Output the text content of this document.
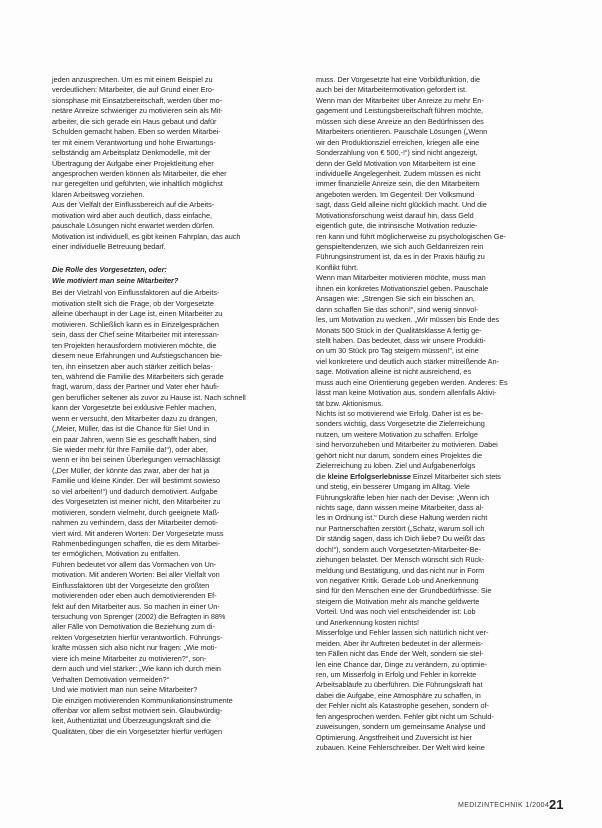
jeden anzusprechen. Um es mit einem Beispiel zu
verdeutlichen: Mitarbeiter, die auf Grund einer Ero-
sionsphase mit Einsatzbereitschaft, werden über mo-
netäre Anreize schwieriger zu motivieren sein als Mit-
arbeiter, die sich gerade ein Haus gebaut und dafür
Schulden gemacht haben. Eben so werden Mitarbei-
ter mit einem Verantwortung und hohe Erwartungs-
selbständig am Arbeitsplatz Denkmodelle, mit der
Übertragung der Aufgabe einer Projektleitung eher
angesprochen werden können als Mitarbeiter, die eher
nur geregelten und geführten, wie inhaltlich möglichst
klaren Arbeitsweg vorziehen.

Aus der Vielfalt der Einflussbereich auf die Arbeits-
motivation wird aber auch deutlich, dass einfache,
pauschale Lösungen nicht erwartet werden dürfen.
Motivation ist individuell, es gibt keinen Fahrplan, das auch
einer individuelle Betreuung bedarf.

Die Rolle des Vorgesetzten, oder:
Wie motiviert man seine Mitarbeiter?

Bei der Vielzahl von Einflussfaktoren auf die Arbeits-
motivation stellt sich die Frage, ob der Vorgesetzte
alleine überhaupt in der Lage ist, einen Mitarbeiter zu
motivieren. Schließlich kann es in Einzelgesprächen
sein, dass der Chef seine Mitarbeiter mit interessan-
ten Projekten herausfordern motivieren möchte, die
diesem neue Erfahrungen und Aufstiegschancen bie-
ten, ihn einsetzen aber auch stärker zeitlich belas-
ten, während die Familie des Mitarbeiters sich gerade
fragt, warum, dass der Partner und Vater eher häufi-
gen beruflicher seltener als zuvor zu Hause ist. Nach schnell
kann der Vorgesetzte bei exklusive Fehler machen,
wenn er versucht, den Mitarbeiter dazu zu drängen,
(„Meier, Müller, das ist die Chance für Sie! Und in
ein paar Jahren, wenn Sie es geschafft haben, sind
Sie wieder mehr für Ihre Familie da!“), oder aber,
wenn er ihn bei seinen Überlegungen vernachlässigt
(„Der Müller, der könnte das zwar, aber der hat ja
Familie und kleine Kinder. Der will bestimmt sowieso
so viel arbeiten!“) und dadurch demotiviert. Aufgabe
des Vorgesetzten ist meiner nicht, den Mitarbeiter zu
motivieren, sondern vielmehr, durch geeignete Maß-
nahmen zu verhindern, dass der Mitarbeiter demoti-
viert wird. Mit anderen Worten: Der Vorgesetzte muss
Rahmenbedingungen schaffen, die es dem Mitarbei-
ter ermöglichen, Motivation zu entfalten.

Führen bedeutet vor allem das Vormachen von Un-
motivation. Mit anderen Worten: Bei aller Vielfalt von
Einflussfaktoren übt der Vorgesetzte den größten
motivierenden oder eben auch demotivierenden Ef-
fekt auf den Mitarbeiter aus. So machen in einer Un-
tersuchung von Sprenger (2002) die Befragten in 88%
aller Fälle von Demotivation die Beziehung zum di-
rekten Vorgesetzten hierfür verantwortlich. Führungs-
kräfte müssen sich also nicht nur fragen: „Wie moti-
viere ich meine Mitarbeiter zu motivieren?“, son-
dern auch und viel stärker: „Wie kann ich durch mein
Verhalten Demotivation vermeiden?“

Und wie motiviert man nun seine Mitarbeiter?
Die einzigen motivierenden Kommunikationsinstrumente
offenbar vor allem selbst motiviert sein. Glaubwürdig-
keit, Authentizität und Überzeugungskraft sind die
Qualitäten, über die ein Vorgesetzter hierfür verfügen

muss. Der Vorgesetzte hat eine Vorbildfunktion, die
auch bei der Mitarbeitermotivation gefordert ist.
Wenn man der Mitarbeiter über Anreize zu mehr En-
gagement und Leistungsbereitschaft führen möchte,
müssen sich diese Anreize an den Bedürfnissen des
Mitarbeiters orientieren. Pauschale Lösungen („Wenn
wir den Produktionsziel erreichen, kriegen alle eine
Sonderzahlung von € 500,-!“) sind nicht angezeigt,
denn der Geld Motivation von Mitarbeitern ist eine
individuelle Angelegenheit. Zudem müssen es nicht
immer finanzielle Anreize sein, die den Mitarbeitern
angeboten werden. Im Gegenteil: Der Volksmund
sagt, dass Geld alleine nicht glücklich macht. Und die
Motivationsforschung weist darauf hin, dass Geld
eigentlich gute, die intrinsische Motivation reduzie-
ren kann und führt möglicherweise zu psychologischen Ge-
genspieltendenzen, wie sich auch Geldanreizen rein
Führungsinstrument ist, da es in der Praxis häufig zu
Konflikt führt.

Wenn man Mitarbeiter motivieren möchte, muss man
ihnen ein konkretes Motivationsziel geben. Pauschale
Ansagen wie: „Strengen Sie sich ein bisschen an,
dann schaffen Sie das schon!“, sind wenig sinnvol-
les, um Motivation zu wecken. „Wir müssen bis Ende des
Monats 500 Stück in der Qualitätsklasse A fertig ge-
stellt haben. Das bedeutet, dass wir unsere Produkti-
on um 30 Stück pro Tag steigern müssen!“, ist eine
viel konkretere und deutlich auch stärker mitreißende An-
sage. Motivation alleine ist nicht ausreichend, es
muss auch eine Orientierung gegeben werden. Anderes: Es
lässt man keine Motivation aus, sondern allenfalls Aktivi-
tät bzw. Aktionismus.

Nichts ist so motivierend wie Erfolg. Daher ist es be-
sonders wichtig, dass Vorgesetzte die Zielerreichung
nutzen, um weitere Motivation zu schaffen. Erfolge
sind hervorzuheben und Mitarbeiter zu motivieren. Dabei
gehört nicht nur darum, sondern eines Projektes die
Zielerreichung zu loben. Ziel und Aufgabenerfolgs
die kleine Erfolgserlebnisse Einzel Mitarbeiter sich stets
und stetig, ein besserer Umgang im Alltag. Viele
Führungskräfte leben hier nach der Devise: „Wenn ich
nichts sage, dann wissen meine Mitarbeiter, dass al-
les in Ordnung ist.“ Durch diese Haltung werden nicht
nur Partnerschaften zerstört („Schatz, warum soll ich
Dir ständig sagen, dass ich Dich liebe? Du weißt das
doch!“), sondern auch Vorgesetzten-Mitarbeiter-Be-
ziehungen belastet. Der Mensch wünscht sich Rück-
meldung und Bestätigung, und das nicht nur in Form
von negativer Kritik. Gerade Lob und Anerkennung
sind für den Menschen eine der Grundbedürfnisse. Sie
steigern die Motivation mehr als manche geldwerte
Vorteil. Und was noch viel entscheidender ist: Lob
und Anerkennung kosten nichts!

Misserfolge und Fehler lassen sich natürlich nicht ver-
meiden. Aber ihr Auftreten bedeutet in der allermeis-
ten Fällen nicht das Ende der Welt, sondern sie stel-
len eine Chance dar, Dinge zu verändern, zu optimie-
ren, um Misserfolg in Erfolg und Fehler in korrekte
Arbeitsabläufe zu überführen. Die Führungskraft hat
dabei die Aufgabe, eine Atmosphäre zu schaffen, in
der Fehler nicht als Katastrophe gesehen, sondern of-
fen angesprochen werden. Fehler gibt nicht um Schuld-
zuweisungen, sondern um gemeinsame Analyse und
Optimierung. Angstfreiheit und Zuversicht ist hier
zubauen. Keine Fehlerschreiber. Der Welt wird keine

MEDIZINTECHNIK 1/2004 21
